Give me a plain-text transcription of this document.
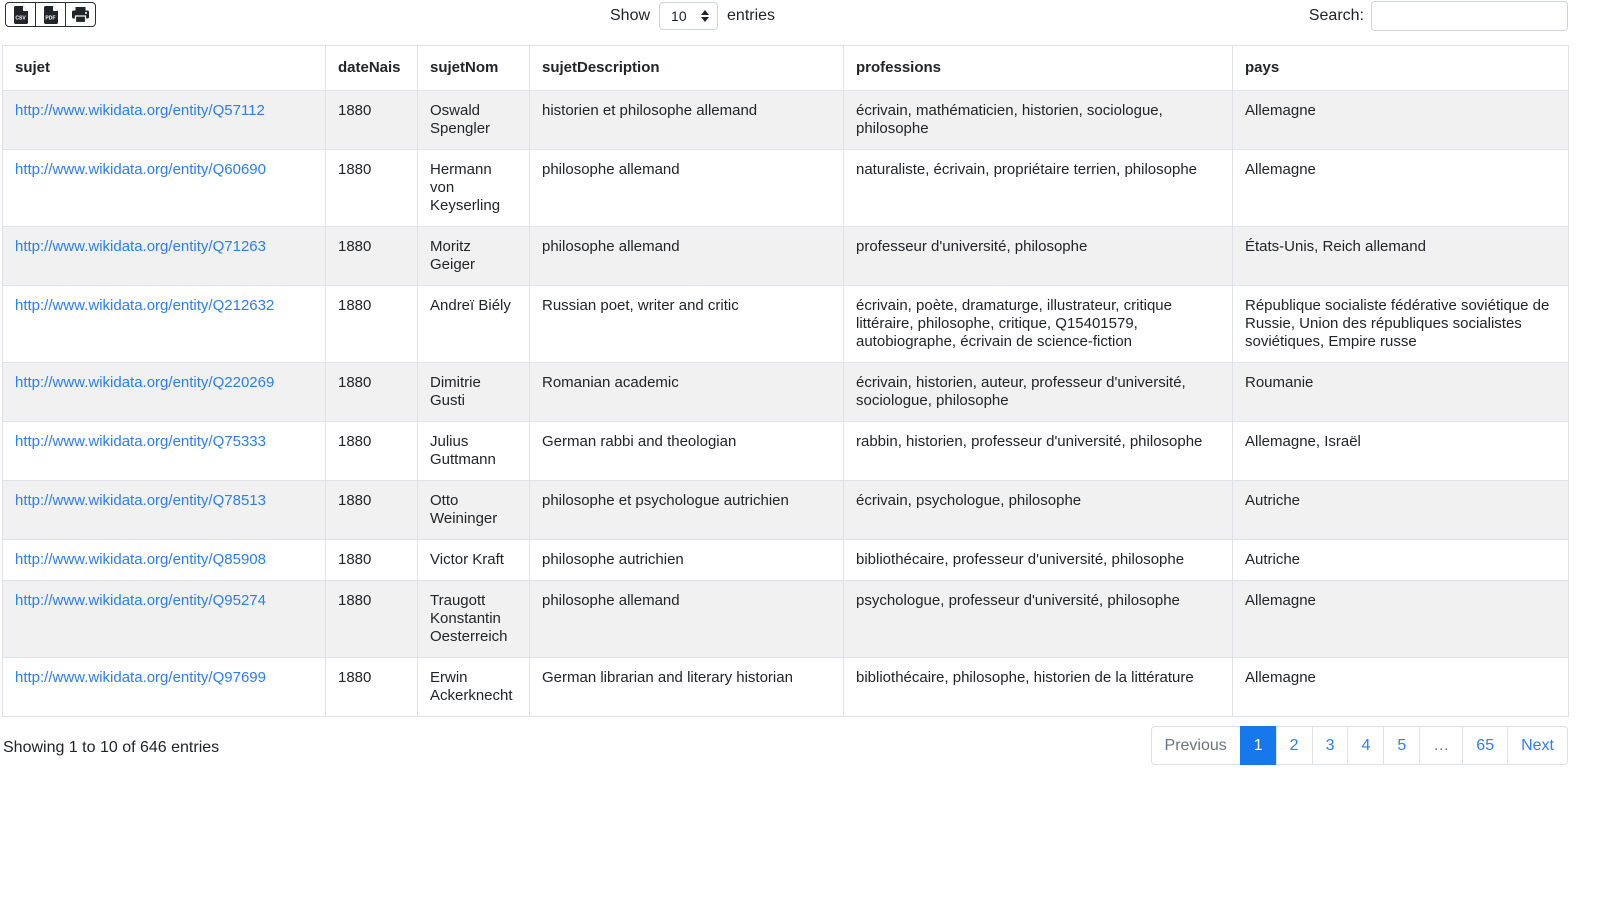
CSV	PDF	Show 10	entries	Search:
sujet	dateNais	sujetNom	sujetDescription	professions	pays
http://www.wikidata.org/entity/Q57112	1880	Oswald Spengler	historien et philosophe allemand	écrivain, mathématicien, historien, sociologue, philosophe	Allemagne
http://www.wikidata.org/entity/Q60690	1880	Hermann von Keyserling	philosophe allemand	naturaliste, écrivain, propriétaire terrien, philosophe	Allemagne
http://www.wikidata.org/entity/Q71263	1880	Moritz Geiger	philosophe allemand	professeur d'université, philosophe	États-Unis, Reich allemand
http://www.wikidata.org/entity/Q212632	1880	Andreï Biély	Russian poet, writer and critic	écrivain, poète, dramaturge, illustrateur, critique littéraire, philosophe, critique, Q15401579, autobiographe, écrivain de science-fiction	République socialiste fédérative soviétique de Russie, Union des républiques socialistes soviétiques, Empire russe
http://www.wikidata.org/entity/Q220269	1880	Dimitrie Gusti	Romanian academic	écrivain, historien, auteur, professeur d'université, sociologue, philosophe	Roumanie
http://www.wikidata.org/entity/Q75333	1880	Julius Guttmann	German rabbi and theologian	rabbin, historien, professeur d'université, philosophe	Allemagne, Israël
http://www.wikidata.org/entity/Q78513	1880	Otto Weininger	philosophe et psychologue autrichien	écrivain, psychologue, philosophe	Autriche
http://www.wikidata.org/entity/Q85908	1880	Victor Kraft	philosophe autrichien	bibliothécaire, professeur d'université, philosophe	Autriche
http://www.wikidata.org/entity/Q95274	1880	Traugott Konstantin Oesterreich	philosophe allemand	psychologue, professeur d'université, philosophe	Allemagne
http://www.wikidata.org/entity/Q97699	1880	Erwin Ackerknecht	German librarian and literary historian	bibliothécaire, philosophe, historien de la littérature	Allemagne
Showing 1 to 10 of 646 entries	Previous	1	2	3	4	5	…	65	Next
